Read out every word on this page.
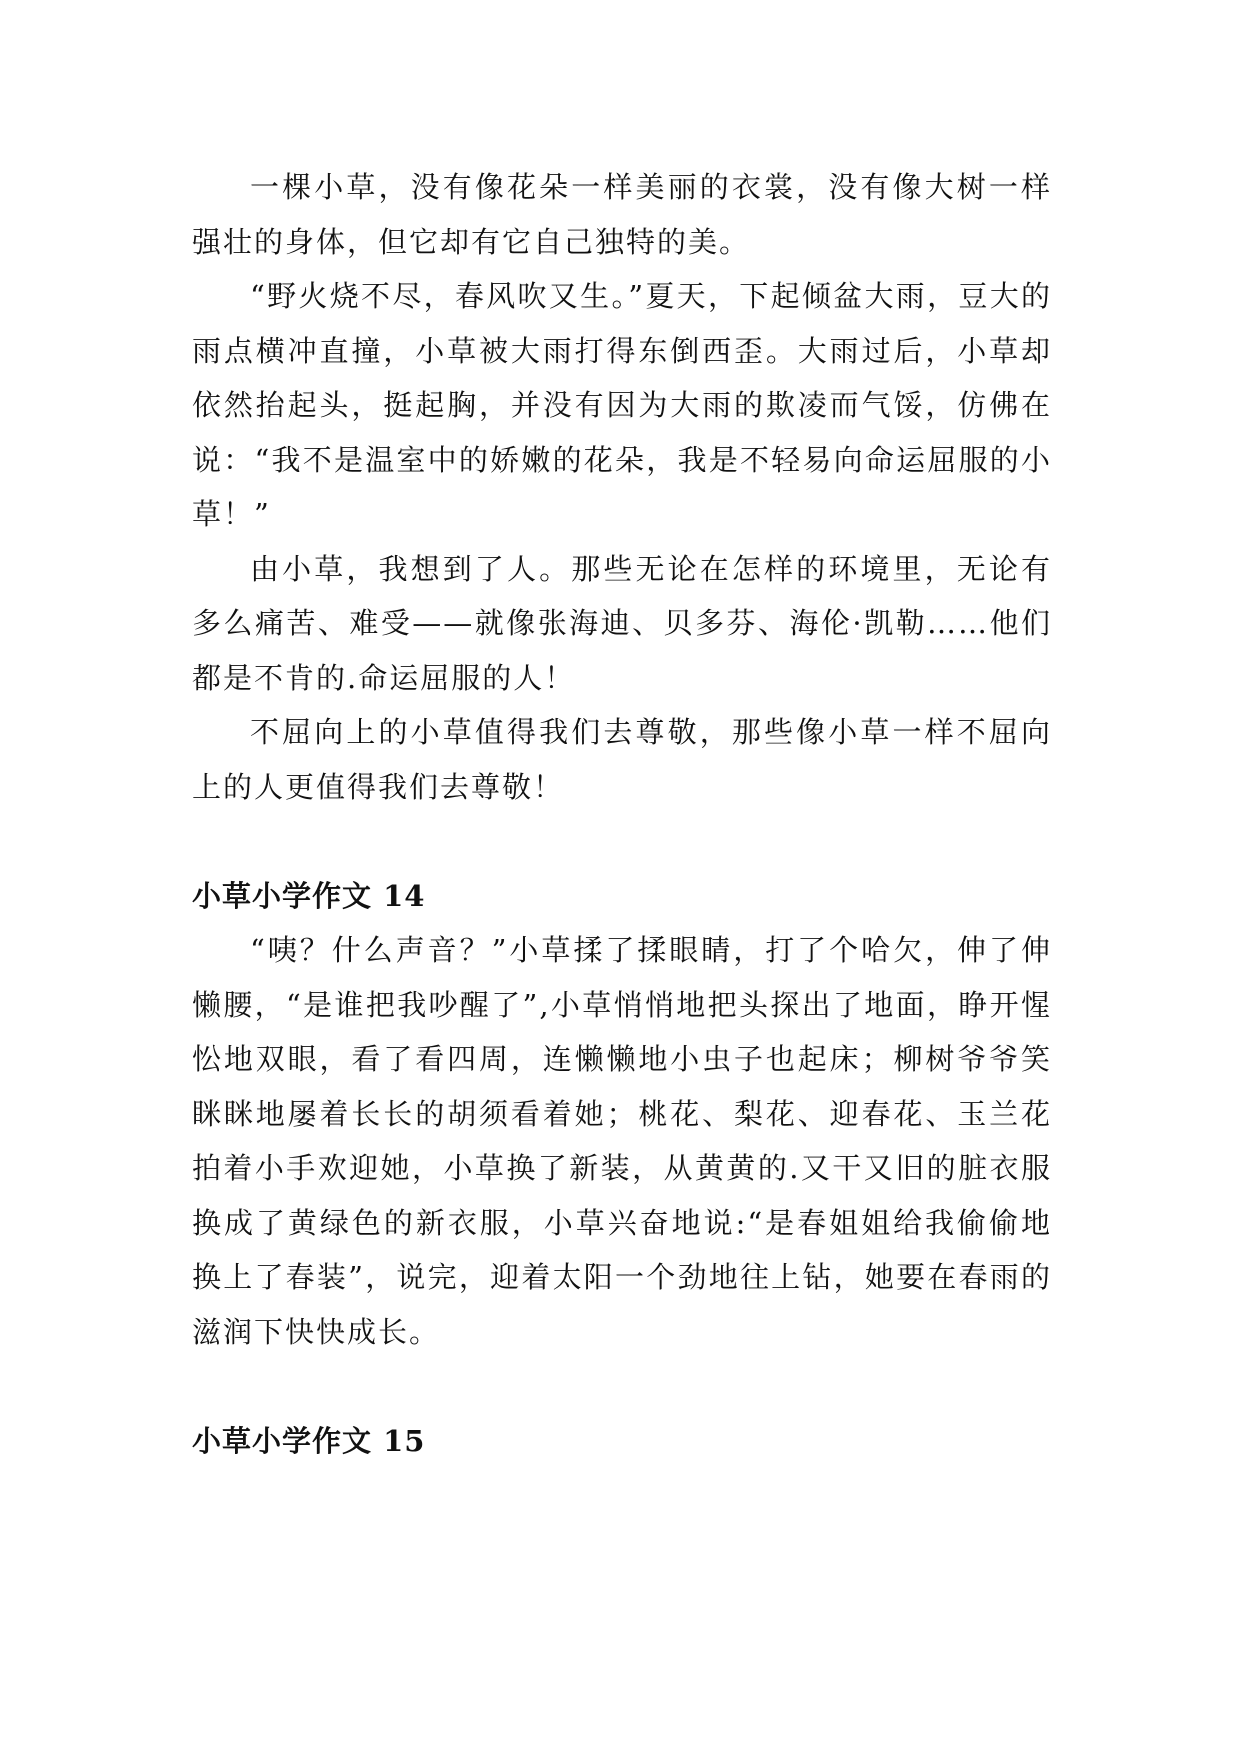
一棵小草，没有像花朵一样美丽的衣裳，没有像大树一样强壮的身体，但它却有它自己独特的美。

“野火烧不尽，春风吹又生。”夏天，下起倾盆大雨，豆大的雨点横冲直撞，小草被大雨打得东倒西歪。大雨过后，小草却依然抬起头，挺起胸，并没有因为大雨的欺凌而气馁，仿佛在说：“我不是温室中的娇嫩的花朵，我是不轻易向命运屈服的小草！”

由小草，我想到了人。那些无论在怎样的环境里，无论有多么痛苦、难受——就像张海迪、贝多芬、海伦·凯勒……他们都是不肯的.命运屈服的人！

不屈向上的小草值得我们去尊敬，那些像小草一样不屈向上的人更值得我们去尊敬！

小草小学作文 14

“咦？什么声音？”小草揉了揉眼睛，打了个哈欠，伸了伸懒腰，“是谁把我吵醒了”,小草悄悄地把头探出了地面，睁开惺忪地双眼，看了看四周，连懒懒地小虫子也起床；柳树爷爷笑眯眯地屡着长长的胡须看着她；桃花、梨花、迎春花、玉兰花拍着小手欢迎她，小草换了新装，从黄黄的.又干又旧的脏衣服换成了黄绿色的新衣服，小草兴奋地说:“是春姐姐给我偷偷地换上了春装”，说完，迎着太阳一个劲地往上钻，她要在春雨的滋润下快快成长。

小草小学作文 15
